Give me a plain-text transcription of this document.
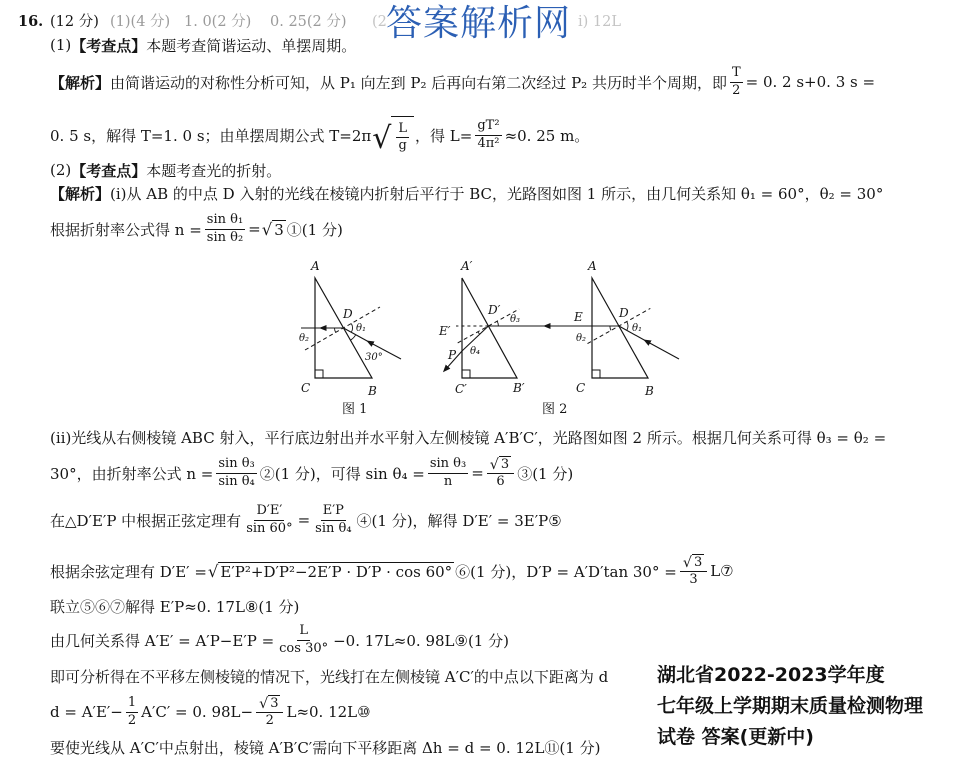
16. (12 分) (1)(4 分) 1. 0(2 分) 0. 25(2 分) (2 答案解析网 i) 12L
(1) 【考查点】 本题考查简谐运动、单摆周期。
【解析】 由简谐运动的对称性分析可知，从 P₁ 向左到 P₂ 后再向右第二次经过 P₂ 共历时半个周期，即 $\frac{T}{2} = 0$. 2 s+0. 3 s =
0. 5 s，解得 T=1. 0 s；由单摆周期公式 T=2π √ $\frac{L}{g}$ ，得 $L= \frac{\text{gT²}}{\text{4π²}} \approx 0$. 25 m。
(2) 【考查点】 本题考查光的折射。
【解析】 (ⅰ)从 AB 的中点 D 入射的光线在棱镜内折射后平行于 BC，光路图如图 1 所示，由几何关系知 θ₁ = 60°，θ₂ = 30°
根据折射率公式得 $n = \frac{\text{sin θ₁}}{\text{sin θ₂}}$ = √ 3 ①(1 分)
A
D
θ₁
θ₂
30°
C	B
图 1
A′
D′
θ₃
E′
P θ₄
C′	B′
A
E	D
θ₁
θ₂
C	B
图 2
(ⅱ)光线从右侧棱镜 ABC 射入，平行底边射出并水平射入左侧棱镜 A′B′C′，光路图如图 2 所示。根据几何关系可得 θ₃ = θ₂ =
30°，由折射率公式 $n = \frac{\text{sin θ₃}}{\text{sin θ₄}}$ ②(1 分)，可得 $\sin \theta_4 = \frac{\text{sin θ₃}}{n}$ = √ $\frac{3}{6}$ ③(1 分)
在△D′E′P 中根据正弦定理有 $\frac{D'E'}{\sin 60^\circ} = \frac{E'P}{\text{sin θ₄}}$ ④(1 分)，解得 D′E′ = 3E′P⑤
根据余弦定理有 D′E′ = √ E′P²+D′P²−2E′P · D′P · cos 60° ⑥(1 分)，D′P = A′D′tan 30° = √ $\frac{3}{3}$ L⑦
联立⑤⑥⑦解得 E′P≈0. 17L⑧(1 分)
由几何关系得 $A'E' = A'P-E'P = \frac{L}{\cos 30^\circ} -0$. 17L≈0. 98L⑨(1 分)
即可分析得在不平移左侧棱镜的情况下，光线打在左侧棱镜 A′C′的中点以下距离为 d
$d = A'E'- \frac{1}{2} A'C' = 0$. 98L− √ $\frac{3}{2} L\approx 0$. 12L⑩
要使光线从 A′C′中点射出，棱镜 A′B′C′需向下平移距离 Δh = d = 0. 12L⑪(1 分)
湖北省2022-2023学年度
七年级上学期期末质量检测物理
试卷 答案(更新中)
